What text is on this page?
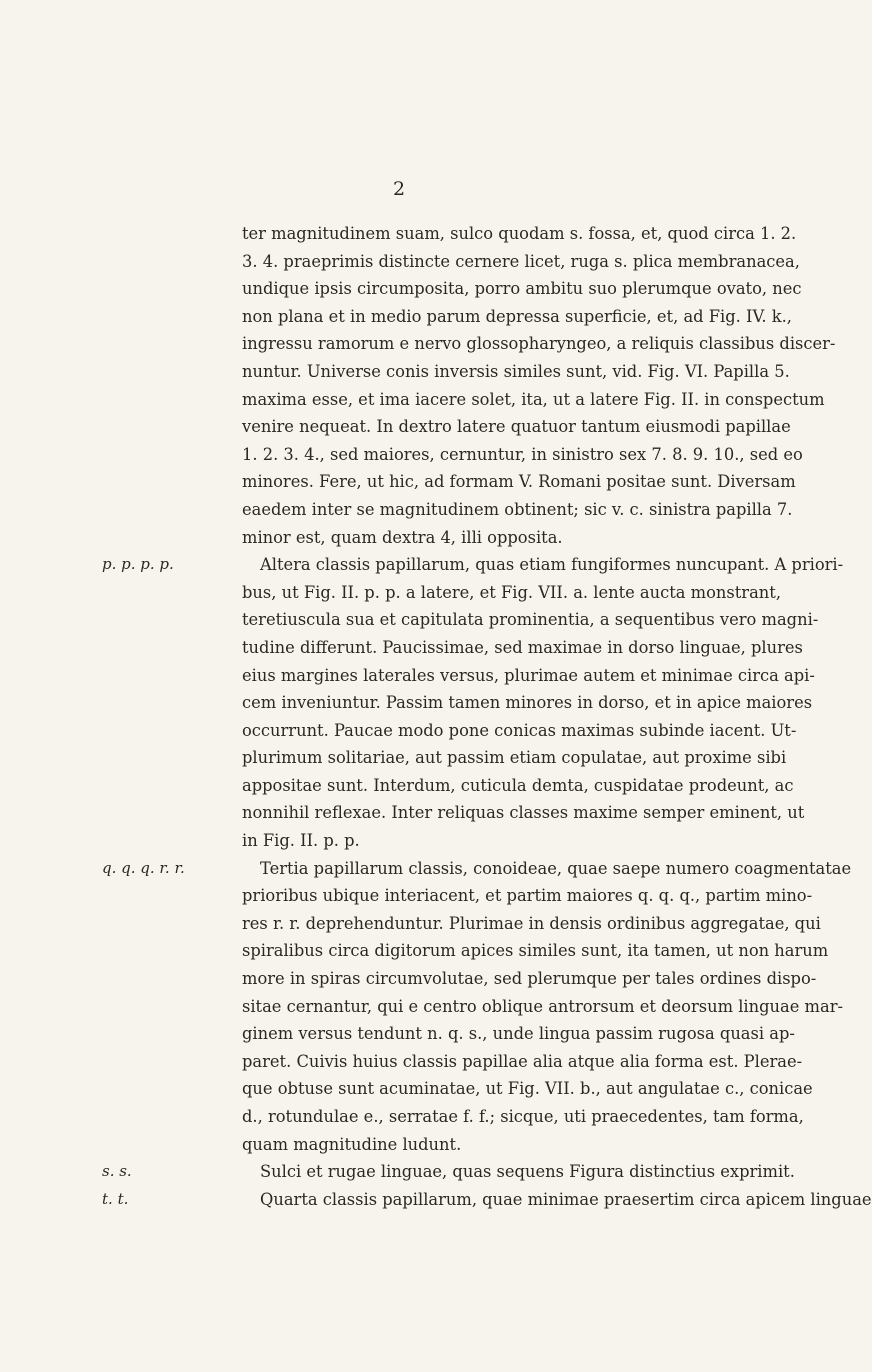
2
ter magnitudinem suam, sulco quodam s. fossa, et, quod circa 1. 2.
3. 4. praeprimis distincte cernere licet, ruga s. plica membranacea,
undique ipsis circumposita, porro ambitu suo plerumque ovato, nec
non plana et in medio parum depressa superficie, et, ad Fig. IV. k.,
ingressu ramorum e nervo glossopharyngeo, a reliquis classibus discer-
nuntur. Universe conis inversis similes sunt, vid. Fig. VI. Papilla 5.
maxima esse, et ima iacere solet, ita, ut a latere Fig. II. in conspectum
venire nequeat. In dextro latere quatuor tantum eiusmodi papillae
1. 2. 3. 4., sed maiores, cernuntur, in sinistro sex 7. 8. 9. 10., sed eo
minores. Fere, ut hic, ad formam V. Romani positae sunt. Diversam
eaedem inter se magnitudinem obtinent; sic v. c. sinistra papilla 7.
minor est, quam dextra 4, illi opposita.
p. p. p. p.	Altera classis papillarum, quas etiam fungiformes nuncupant. A priori-
bus, ut Fig. II. p. p. a latere, et Fig. VII. a. lente aucta monstrant,
teretiuscula sua et capitulata prominentia, a sequentibus vero magni-
tudine differunt. Paucissimae, sed maximae in dorso linguae, plures
eius margines laterales versus, plurimae autem et minimae circa api-
cem inveniuntur. Passim tamen minores in dorso, et in apice maiores
occurrunt. Paucae modo pone conicas maximas subinde iacent. Ut-
plurimum solitariae, aut passim etiam copulatae, aut proxime sibi
appositae sunt. Interdum, cuticula demta, cuspidatae prodeunt, ac
nonnihil reflexae. Inter reliquas classes maxime semper eminent, ut
in Fig. II. p. p.
q. q. q. r. r.	Tertia papillarum classis, conoideae, quae saepe numero coagmentatae
prioribus ubique interiacent, et partim maiores q. q. q., partim mino-
res r. r. deprehenduntur. Plurimae in densis ordinibus aggregatae, qui
spiralibus circa digitorum apices similes sunt, ita tamen, ut non harum
more in spiras circumvolutae, sed plerumque per tales ordines dispo-
sitae cernantur, qui e centro oblique antrorsum et deorsum linguae mar-
ginem versus tendunt n. q. s., unde lingua passim rugosa quasi ap-
paret. Cuivis huius classis papillae alia atque alia forma est. Plerae-
que obtuse sunt acuminatae, ut Fig. VII. b., aut angulatae c., conicae
d., rotundulae e., serratae f. f.; sicque, uti praecedentes, tam forma,
quam magnitudine ludunt.
s. s.	Sulci et rugae linguae, quas sequens Figura distinctius exprimit.
t. t.	Quarta classis papillarum, quae minimae praesertim circa apicem linguae
